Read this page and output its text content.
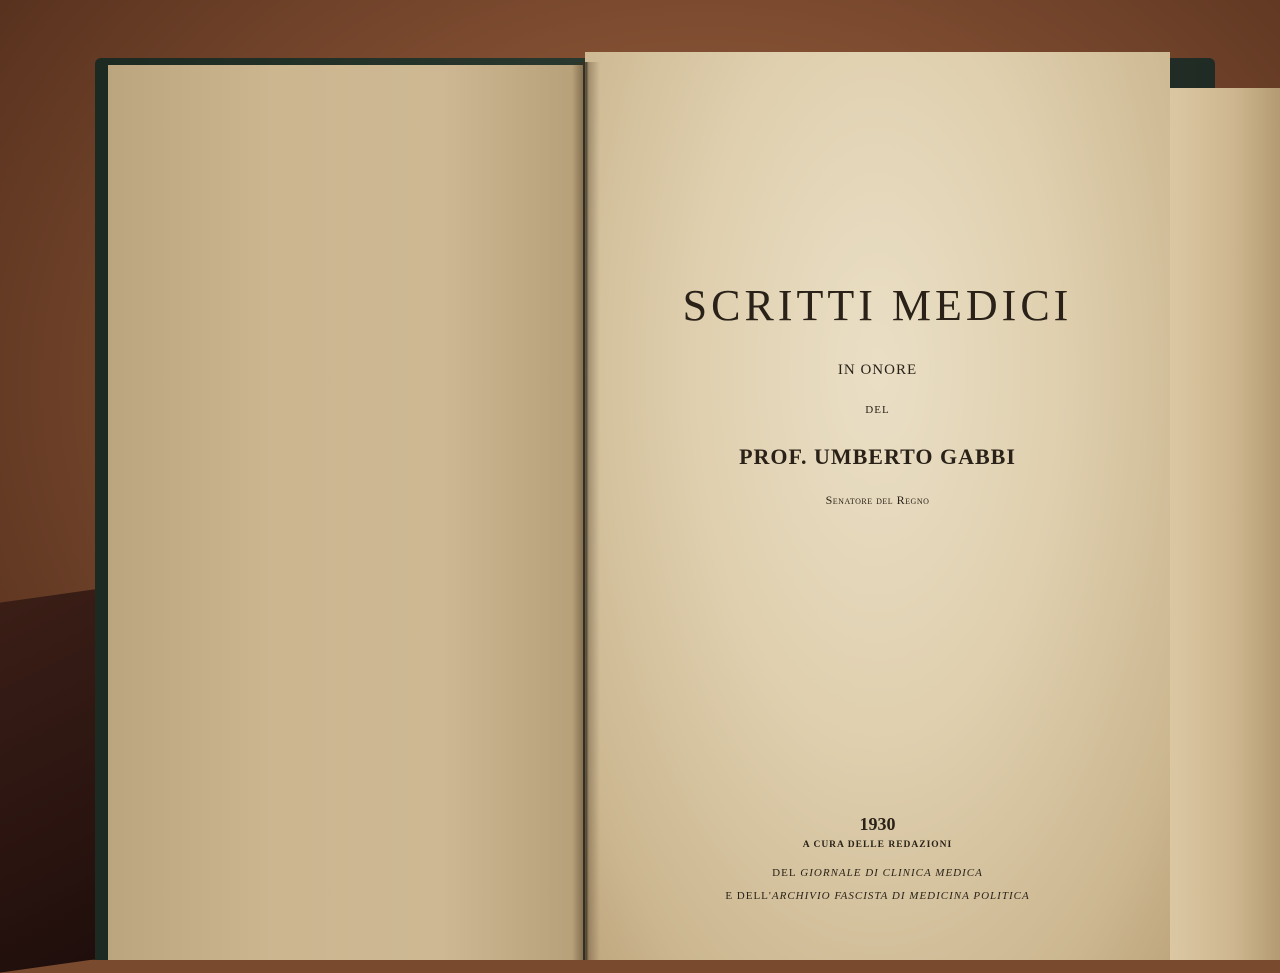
SCRITTI MEDICI

IN ONORE

DEL

PROF. UMBERTO GABBI

Senatore del Regno

1930

A CURA DELLE REDAZIONI

DEL GIORNALE DI CLINICA MEDICA

E DELL'ARCHIVIO FASCISTA DI MEDICINA POLITICA
